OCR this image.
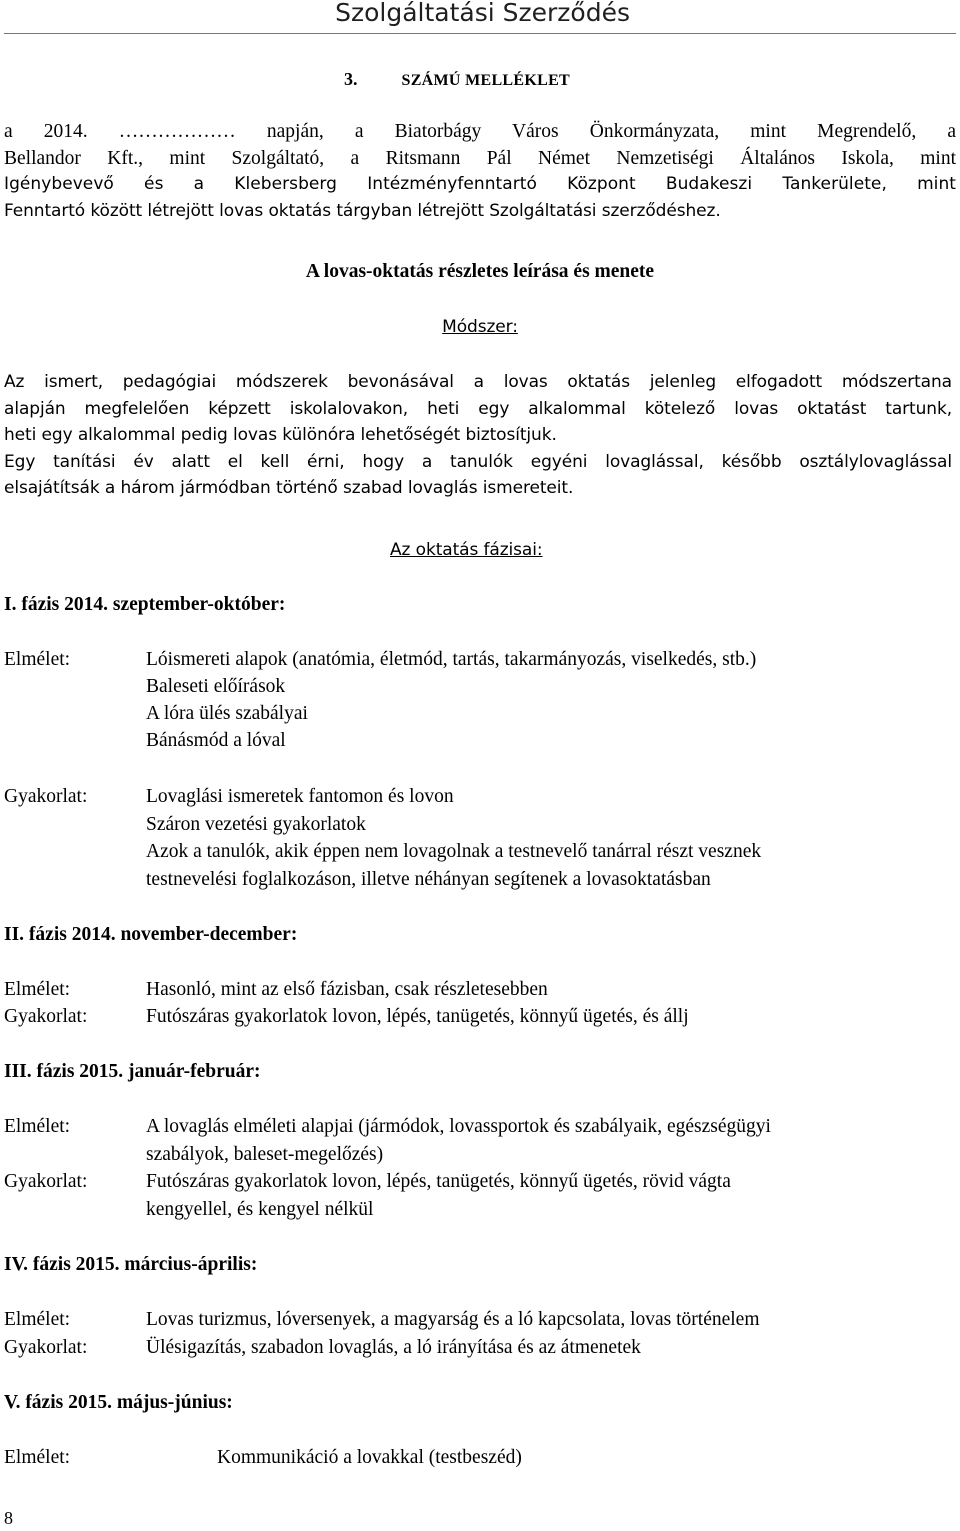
Szolgáltatási Szerződés
3.	SZÁMÚ MELLÉKLET
a 2014. ……………… napján, a Biatorbágy Város Önkormányzata, mint Megrendelő, a
Bellandor Kft., mint Szolgáltató, a Ritsmann Pál Német Nemzetiségi Általános Iskola, mint
Igénybevevő és a Klebersberg Intézményfenntartó Központ Budakeszi Tankerülete, mint
Fenntartó között létrejött lovas oktatás tárgyban létrejött Szolgáltatási szerződéshez.
A lovas-oktatás részletes leírása és menete
Módszer:
Az ismert, pedagógiai módszerek bevonásával a lovas oktatás jelenleg elfogadott módszertana
alapján megfelelően képzett iskolalovakon, heti egy alkalommal kötelező lovas oktatást tartunk,
heti egy alkalommal pedig lovas különóra lehetőségét biztosítjuk.
Egy tanítási év alatt el kell érni, hogy a tanulók egyéni lovaglással, később osztálylovaglással
elsajátítsák a három jármódban történő szabad lovaglás ismereteit.
Az oktatás fázisai:
I. fázis 2014. szeptember-október:
Elmélet:	Lóismereti alapok (anatómia, életmód, tartás, takarmányozás, viselkedés, stb.)
Baleseti előírások
A lóra ülés szabályai
Bánásmód a lóval
Gyakorlat:	Lovaglási ismeretek fantomon és lovon
Száron vezetési gyakorlatok
Azok a tanulók, akik éppen nem lovagolnak a testnevelő tanárral részt vesznek
testnevelési foglalkozáson, illetve néhányan segítenek a lovasoktatásban
II. fázis 2014. november-december:
Elmélet:	Hasonló, mint az első fázisban, csak részletesebben
Gyakorlat:	Futószáras gyakorlatok lovon, lépés, tanügetés, könnyű ügetés, és állj
III. fázis 2015. január-február:
Elmélet:	A lovaglás elméleti alapjai (jármódok, lovassportok és szabályaik, egészségügyi
szabályok, baleset-megelőzés)
Gyakorlat:	Futószáras gyakorlatok lovon, lépés, tanügetés, könnyű ügetés, rövid vágta
kengyellel, és kengyel nélkül
IV. fázis 2015. március-április:
Elmélet:	Lovas turizmus, lóversenyek, a magyarság és a ló kapcsolata, lovas történelem
Gyakorlat:	Ülésigazítás, szabadon lovaglás, a ló irányítása és az átmenetek
V. fázis 2015. május-június:
Elmélet:	Kommunikáció a lovakkal (testbeszéd)
8
